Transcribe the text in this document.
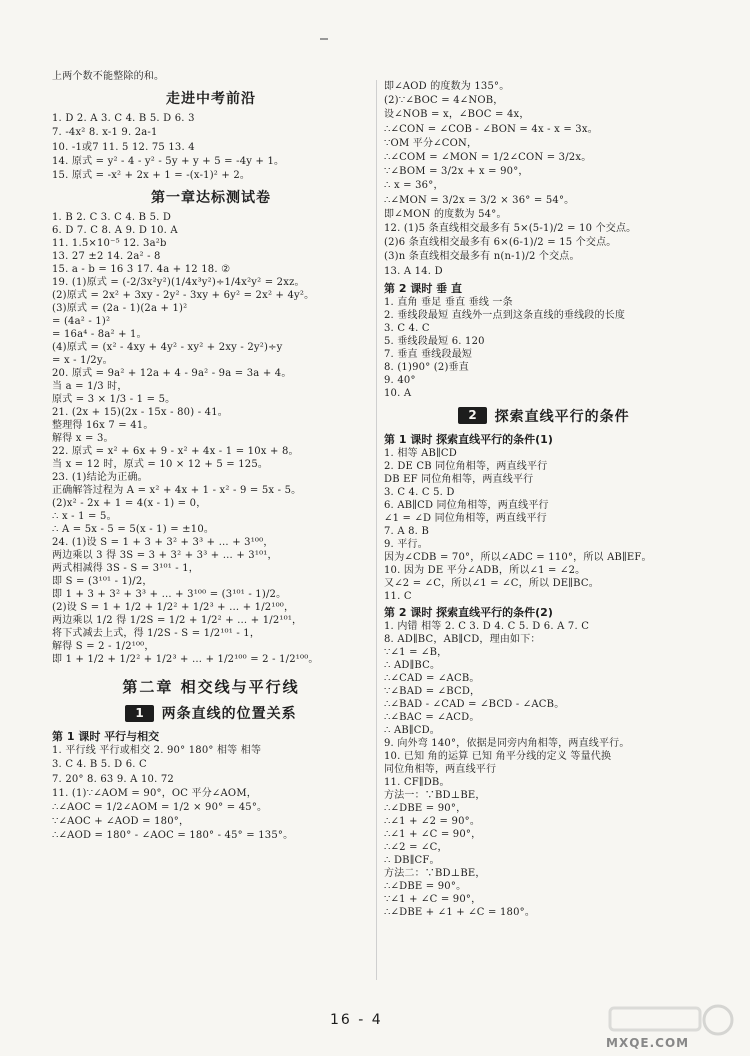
上两个数不能整除的和。
走进中考前沿
1. D 2. A 3. C 4. B 5. D 6. 3
7. -4x² 8. x-1 9. 2a-1
10. -1或7 11. 5 12. 75 13. 4
14. 原式 = y² - 4 - y² - 5y + y + 5 = -4y + 1。
15. 原式 = -x² + 2x + 1 = -(x-1)² + 2。
第一章达标测试卷
1. B 2. C 3. C 4. B 5. D
6. D 7. C 8. A 9. D 10. A
11. 1.5×10⁻⁵ 12. 3a²b
13. 27 ±2 14. 2a² - 8
15. a - b = 16 3 17. 4a + 12 18. ②
19. (1)原式 = (-2/3x²y²)(1/4x³y²)÷1/4x²y² = 2xz。
(2)原式 = 2x² + 3xy - 2y² - 3xy + 6y² = 2x² + 4y²。
(3)原式 = (2a - 1)(2a + 1)²
= (4a² - 1)²
= 16a⁴ - 8a² + 1。
(4)原式 = (x² - 4xy + 4y² - xy² + 2xy - 2y²)÷y
= x - 1/2y。
20. 原式 = 9a² + 12a + 4 - 9a² - 9a = 3a + 4。
当 a = 1/3 时，
原式 = 3 × 1/3 - 1 = 5。
21. (2x + 15)(2x - 15x - 80) - 41。
整理得 16x 7 = 41。
解得 x = 3。
22. 原式 = x² + 6x + 9 - x² + 4x - 1 = 10x + 8。
当 x = 12 时，原式 = 10 × 12 + 5 = 125。
23. (1)结论为正确。
正确解答过程为 A = x² + 4x + 1 - x² - 9 = 5x - 5。
(2)x² - 2x + 1 = 4(x - 1) = 0，
∴ x - 1 = 5。
∴ A = 5x - 5 = 5(x - 1) = ±10。
24. (1)设 S = 1 + 3 + 3² + 3³ + … + 3¹⁰⁰，
两边乘以 3 得 3S = 3 + 3² + 3³ + … + 3¹⁰¹，
两式相减得 3S - S = 3¹⁰¹ - 1，
即 S = (3¹⁰¹ - 1)/2，
即 1 + 3 + 3² + 3³ + … + 3¹⁰⁰ = (3¹⁰¹ - 1)/2。
(2)设 S = 1 + 1/2 + 1/2² + 1/2³ + … + 1/2¹⁰⁰，
两边乘以 1/2 得 1/2S = 1/2 + 1/2² + … + 1/2¹⁰¹，
将下式减去上式，得 1/2S - S = 1/2¹⁰¹ - 1，
解得 S = 2 - 1/2¹⁰⁰，
即 1 + 1/2 + 1/2² + 1/2³ + … + 1/2¹⁰⁰ = 2 - 1/2¹⁰⁰。
第二章 相交线与平行线
1	两条直线的位置关系
第 1 课时 平行与相交
1. 平行线 平行或相交 2. 90° 180° 相等 相等
3. C 4. B 5. D 6. C
7. 20° 8. 63 9. A 10. 72
11. (1)∵∠AOM = 90°，OC 平分∠AOM，
∴∠AOC = 1/2∠AOM = 1/2 × 90° = 45°。
∵∠AOC + ∠AOD = 180°，
∴∠AOD = 180° - ∠AOC = 180° - 45° = 135°。
即∠AOD 的度数为 135°。
(2)∵∠BOC = 4∠NOB，
设∠NOB = x，∠BOC = 4x，
∴∠CON = ∠COB - ∠BON = 4x - x = 3x。
∵OM 平分∠CON，
∴∠COM = ∠MON = 1/2∠CON = 3/2x。
∵∠BOM = 3/2x + x = 90°，
∴ x = 36°，
∴∠MON = 3/2x = 3/2 × 36° = 54°。
即∠MON 的度数为 54°。
12. (1)5 条直线相交最多有 5×(5-1)/2 = 10 个交点。
(2)6 条直线相交最多有 6×(6-1)/2 = 15 个交点。
(3)n 条直线相交最多有 n(n-1)/2 个交点。
13. A 14. D
第 2 课时 垂 直
1. 直角 垂足 垂直 垂线 一条
2. 垂线段最短 直线外一点到这条直线的垂线段的长度
3. C 4. C
5. 垂线段最短 6. 120
7. 垂直 垂线段最短
8. (1)90° (2)垂直
9. 40°
10. A
2	探索直线平行的条件
第 1 课时 探索直线平行的条件(1)
1. 相等 AB∥CD
2. DE CB 同位角相等，两直线平行
DB EF 同位角相等，两直线平行
3. C 4. C 5. D
6. AB∥CD 同位角相等，两直线平行
∠1 = ∠D 同位角相等，两直线平行
7. A 8. B
9. 平行。
因为∠CDB = 70°，所以∠ADC = 110°，所以 AB∥EF。
10. 因为 DE 平分∠ADB，所以∠1 = ∠2。
又∠2 = ∠C，所以∠1 = ∠C，所以 DE∥BC。
11. C
第 2 课时 探索直线平行的条件(2)
1. 内错 相等 2. C 3. D 4. C 5. D 6. A 7. C
8. AD∥BC，AB∥CD，理由如下：
∵∠1 = ∠B，
∴ AD∥BC。
∴∠CAD = ∠ACB。
∵∠BAD = ∠BCD，
∴∠BAD - ∠CAD = ∠BCD - ∠ACB。
∴∠BAC = ∠ACD。
∴ AB∥CD。
9. 向外弯 140°，依据是同旁内角相等，两直线平行。
10. 已知 角的运算 已知 角平分线的定义 等量代换
同位角相等，两直线平行
11. CF∥DB。
方法一：∵BD⊥BE，
∴∠DBE = 90°，
∴∠1 + ∠2 = 90°。
∴∠1 + ∠C = 90°，
∴∠2 = ∠C，
∴ DB∥CF。
方法二：∵BD⊥BE，
∴∠DBE = 90°。
∵∠1 + ∠C = 90°，
∴∠DBE + ∠1 + ∠C = 180°。
16 - 4
MXQE.COM
